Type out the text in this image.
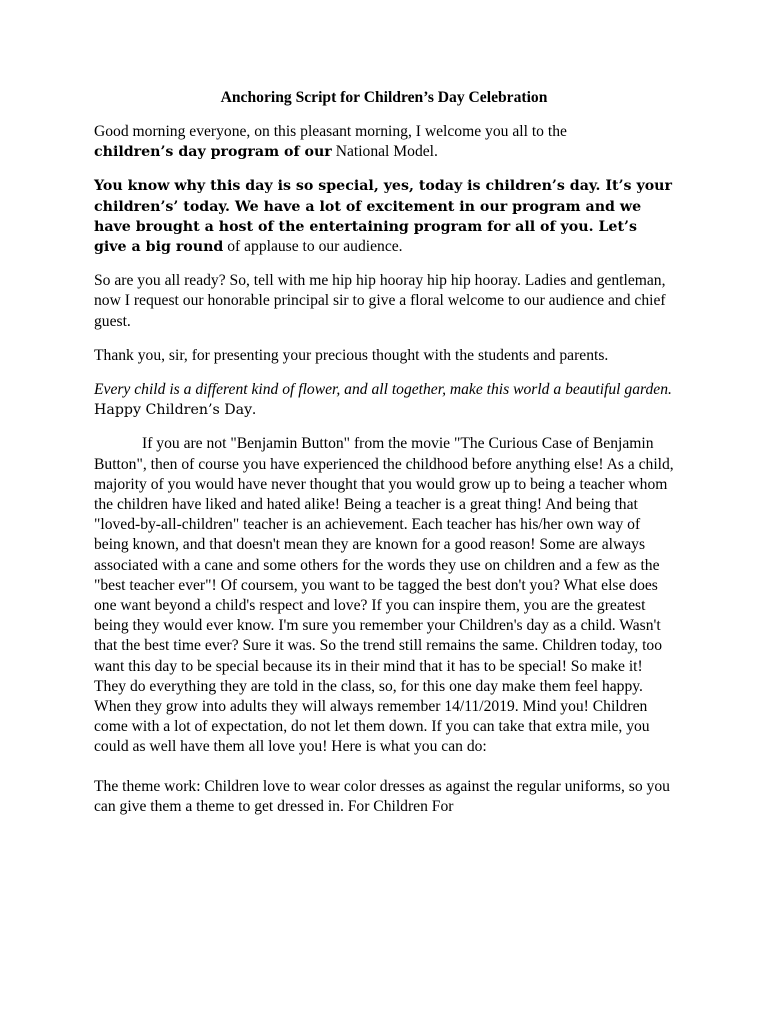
Anchoring Script for Children’s Day Celebration

Good morning everyone, on this pleasant morning, I welcome you all to the
children’s day program of our National Model.

You know why this day is so special, yes, today is children’s day. It’s your children’s’ today. We have a lot of excitement in our program and we have brought a host of the entertaining program for all of you. Let’s give a big round of applause to our audience.

So are you all ready? So, tell with me hip hip hooray hip hip hooray. Ladies and gentleman, now I request our honorable principal sir to give a floral welcome to our audience and chief guest.

Thank you, sir, for presenting your precious thought with the students and parents.

Every child is a different kind of flower, and all together, make this world a beautiful garden. Happy Children’s Day.

If you are not "Benjamin Button" from the movie "The Curious Case of Benjamin Button", then of course you have experienced the childhood before anything else! As a child, majority of you would have never thought that you would grow up to being a teacher whom the children have liked and hated alike! Being a teacher is a great thing! And being that "loved-by-all-children" teacher is an achievement. Each teacher has his/her own way of being known, and that doesn't mean they are known for a good reason! Some are always associated with a cane and some others for the words they use on children and a few as the "best teacher ever"! Of coursem, you want to be tagged the best don't you? What else does one want beyond a child's respect and love? If you can inspire them, you are the greatest being they would ever know. I'm sure you remember your Children's day as a child. Wasn't that the best time ever? Sure it was. So the trend still remains the same. Children today, too want this day to be special because its in their mind that it has to be special! So make it! They do everything they are told in the class, so, for this one day make them feel happy. When they grow into adults they will always remember 14/11/2019. Mind you! Children come with a lot of expectation, do not let them down. If you can take that extra mile, you could as well have them all love you! Here is what you can do:

The theme work: Children love to wear color dresses as against the regular uniforms, so you can give them a theme to get dressed in. For Children For
